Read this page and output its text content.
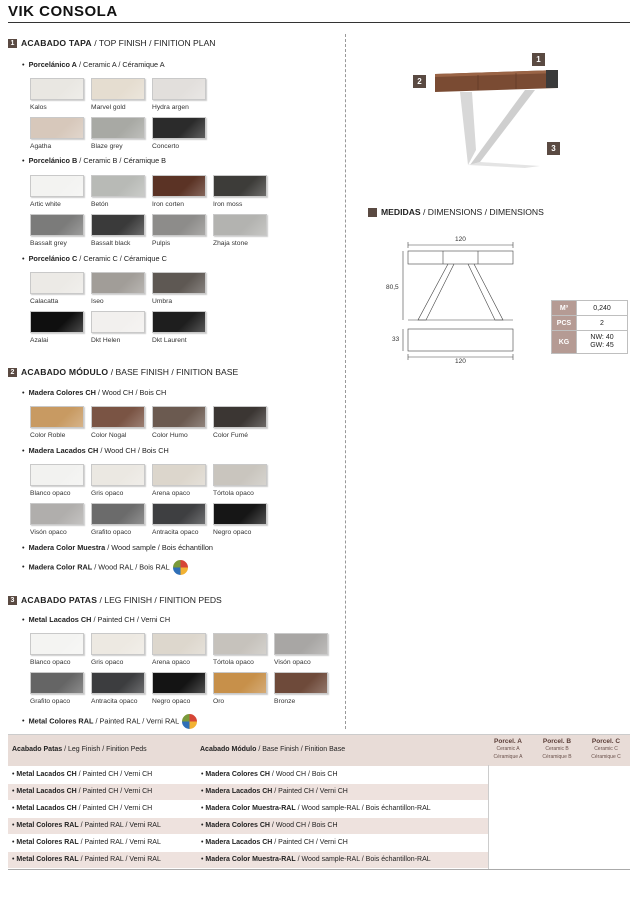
VIK CONSOLA
1 ACABADO TAPA / TOP FINISH / FINITION PLAN
• Porcelánico A / Ceramic A / Céramique A
• Porcelánico B / Ceramic B / Céramique B
• Porcelánico C / Ceramic C / Céramique C
2 ACABADO MÓDULO / BASE FINISH / FINITION BASE
• Madera Colores CH / Wood CH / Bois CH
• Madera Lacados CH / Wood CH / Bois CH
• Madera Color Muestra / Wood sample / Bois échantillon
• Madera Color RAL / Wood RAL / Bois RAL
3 ACABADO PATAS / LEG FINISH / FINITION PEDS
• Metal Lacados CH / Painted CH / Verni CH
• Metal Colores RAL / Painted RAL / Verni RAL
1
2
3
MEDIDAS / DIMENSIONS / DIMENSIONS
120
80,5
33
120
M³	0,240
PCS	2
KG	NW: 40
GW: 45
Acabado Patas / Leg Finish / Finition Peds	Acabado Módulo / Base Finish / Finition Base
Porcel. A
Ceramic A
Céramique A
Porcel. B
Ceramic B
Céramique B
Porcel. C
Ceramic C
Céramique C
• Metal Lacados CH / Painted CH / Verni CH	• Madera Colores CH / Wood CH / Bois CH
• Metal Lacados CH / Painted CH / Verni CH	• Madera Lacados CH / Painted CH / Verni CH
• Metal Lacados CH / Painted CH / Verni CH	• Madera Color Muestra-RAL / Wood sample-RAL / Bois échantillon-RAL
• Metal Colores RAL / Painted RAL / Verni RAL	• Madera Colores CH / Wood CH / Bois CH
• Metal Colores RAL / Painted RAL / Verni RAL	• Madera Lacados CH / Painted CH / Verni CH
• Metal Colores RAL / Painted RAL / Verni RAL	• Madera Color Muestra-RAL / Wood sample-RAL / Bois échantillon-RAL
Kalos	Marvel gold	Hydra argen
Agatha	Blaze grey	Concerto
Artic white	Betón	Iron corten	Iron moss
Bassalt grey	Bassalt black	Pulpis	Zhaja stone
Calacatta	Iseo	Umbra
Azalai	Dkt Helen	Dkt Laurent
Color Roble	Color Nogal	Color Humo	Color Fumé
Blanco opaco	Gris opaco	Arena opaco	Tórtola opaco
Visón opaco	Grafito opaco	Antracita opaco	Negro opaco
Blanco opaco	Gris opaco	Arena opaco	Tórtola opaco	Visón opaco
Grafito opaco	Antracita opaco	Negro opaco	Oro	Bronze
